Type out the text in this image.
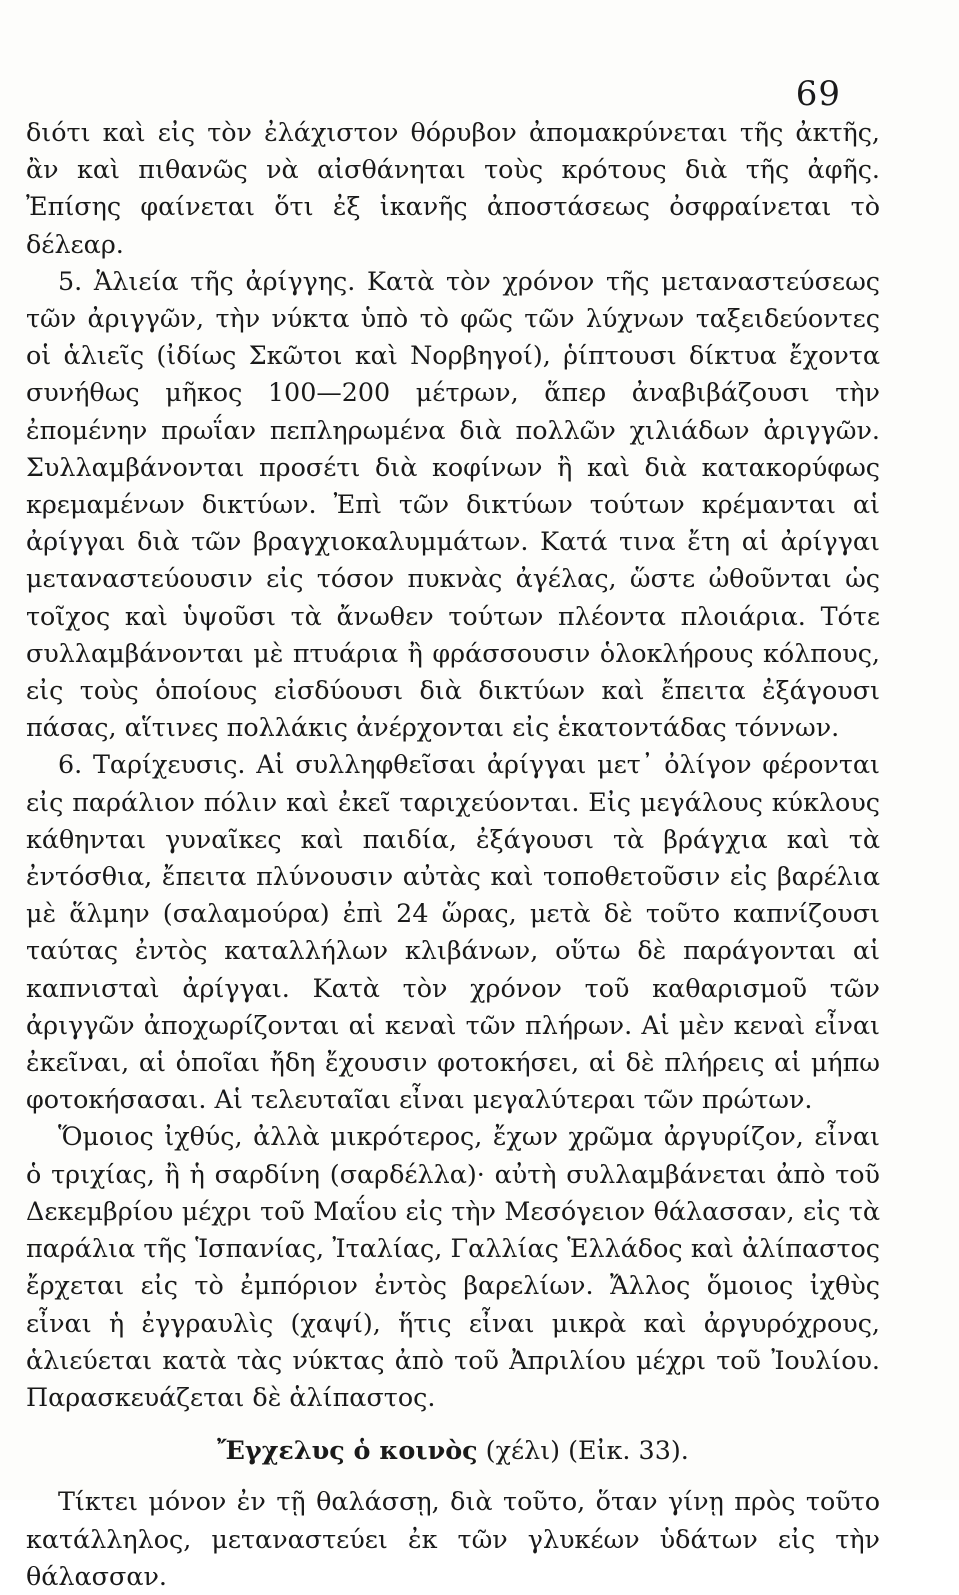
69

διότι καὶ εἰς τὸν ἐλάχιστον θόρυβον ἀπομακρύνεται τῆς ἀκτῆς, ἂν καὶ πιθανῶς νὰ αἰσθάνηται τοὺς κρότους διὰ τῆς ἀφῆς. Ἐπίσης φαίνεται ὅτι ἐξ ἱκανῆς ἀποστάσεως ὀσφραίνεται τὸ δέλεαρ.

5. Ἁλιεία τῆς ἀρίγγης. Κατὰ τὸν χρόνον τῆς μεταναστεύσεως τῶν ἀριγγῶν, τὴν νύκτα ὑπὸ τὸ φῶς τῶν λύχνων ταξειδεύοντες οἱ ἁλιεῖς (ἰδίως Σκῶτοι καὶ Νορβηγοί), ῥίπτουσι δίκτυα ἔχοντα συνήθως μῆκος 100—200 μέτρων, ἅπερ ἀναβιβάζουσι τὴν ἐπομένην πρωΐαν πεπληρωμένα διὰ πολλῶν χιλιάδων ἀριγγῶν. Συλλαμβάνονται προσέτι διὰ κοφίνων ἢ καὶ διὰ κατακορύφως κρεμαμένων δικτύων. Ἐπὶ τῶν δικτύων τούτων κρέμανται αἱ ἀρίγγαι διὰ τῶν βραγχιοκαλυμμάτων. Κατά τινα ἔτη αἱ ἀρίγγαι μεταναστεύουσιν εἰς τόσον πυκνὰς ἀγέλας, ὥστε ὠθοῦνται ὡς τοῖχος καὶ ὑψοῦσι τὰ ἄνωθεν τούτων πλέοντα πλοιάρια. Τότε συλλαμβάνονται μὲ πτυάρια ἢ φράσσουσιν ὁλοκλήρους κόλπους, εἰς τοὺς ὁποίους εἰσδύουσι διὰ δικτύων καὶ ἔπειτα ἐξάγουσι πάσας, αἵτινες πολλάκις ἀνέρχονται εἰς ἑκατοντάδας τόννων.

6. Ταρίχευσις. Αἱ συλληφθεῖσαι ἀρίγγαι μετ᾽ ὀλίγον φέρονται εἰς παράλιον πόλιν καὶ ἐκεῖ ταριχεύονται. Εἰς μεγάλους κύκλους κάθηνται γυναῖκες καὶ παιδία, ἐξάγουσι τὰ βράγχια καὶ τὰ ἐντόσθια, ἔπειτα πλύνουσιν αὐτὰς καὶ τοποθετοῦσιν εἰς βαρέλια μὲ ἅλμην (σαλαμούρα) ἐπὶ 24 ὥρας, μετὰ δὲ τοῦτο καπνίζουσι ταύτας ἐντὸς καταλλήλων κλιβάνων, οὕτω δὲ παράγονται αἱ καπνισταὶ ἀρίγγαι. Κατὰ τὸν χρόνον τοῦ καθαρισμοῦ τῶν ἀριγγῶν ἀποχωρίζονται αἱ κεναὶ τῶν πλήρων. Αἱ μὲν κεναὶ εἶναι ἐκεῖναι, αἱ ὁποῖαι ἤδη ἔχουσιν φοτοκήσει, αἱ δὲ πλήρεις αἱ μήπω φοτοκήσασαι. Αἱ τελευταῖαι εἶναι μεγαλύτεραι τῶν πρώτων.

Ὅμοιος ἰχθύς, ἀλλὰ μικρότερος, ἔχων χρῶμα ἀργυρίζον, εἶναι ὁ τριχίας, ἢ ἡ σαρδίνη (σαρδέλλα)· αὐτὴ συλλαμβάνεται ἀπὸ τοῦ Δεκεμβρίου μέχρι τοῦ Μαΐου εἰς τὴν Μεσόγειον θάλασσαν, εἰς τὰ παράλια τῆς Ἱσπανίας, Ἰταλίας, Γαλλίας Ἑλλάδος καὶ ἀλίπαστος ἔρχεται εἰς τὸ ἐμπόριον ἐντὸς βαρελίων. Ἄλλος ὅμοιος ἰχθὺς εἶναι ἡ ἐγγραυλὶς (χαψί), ἥτις εἶναι μικρὰ καὶ ἀργυρόχρους, ἁλιεύεται κατὰ τὰς νύκτας ἀπὸ τοῦ Ἀπριλίου μέχρι τοῦ Ἰουλίου. Παρασκευάζεται δὲ ἁλίπαστος.

Ἔγχελυς ὁ κοινὸς (χέλι) (Εἰκ. 33).

Τίκτει μόνον ἐν τῇ θαλάσσῃ, διὰ τοῦτο, ὅταν γίνῃ πρὸς τοῦτο κατάλληλος, μεταναστεύει ἐκ τῶν γλυκέων ὑδάτων εἰς τὴν θάλασσαν.
